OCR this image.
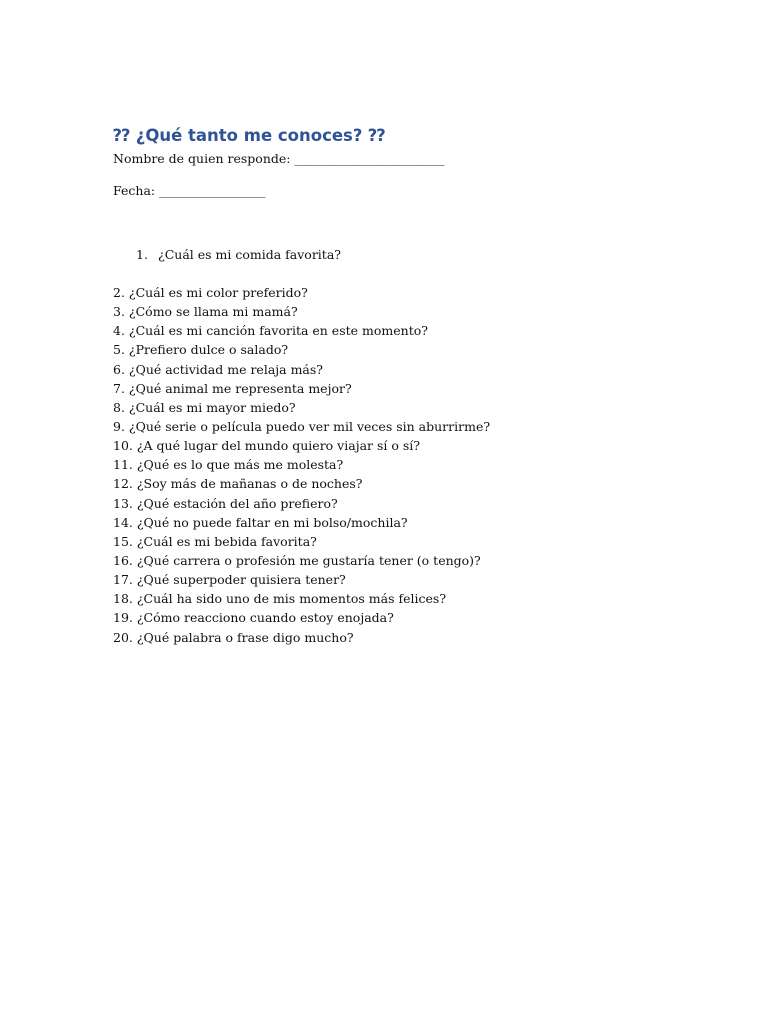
⁇ ¿Qué tanto me conoces? ⁇
Nombre de quien responde: ________________________
Fecha: _________________
1. ¿Cuál es mi comida favorita?
2. ¿Cuál es mi color preferido?
3. ¿Cómo se llama mi mamá?
4. ¿Cuál es mi canción favorita en este momento?
5. ¿Prefiero dulce o salado?
6. ¿Qué actividad me relaja más?
7. ¿Qué animal me representa mejor?
8. ¿Cuál es mi mayor miedo?
9. ¿Qué serie o película puedo ver mil veces sin aburrirme?
10. ¿A qué lugar del mundo quiero viajar sí o sí?
11. ¿Qué es lo que más me molesta?
12. ¿Soy más de mañanas o de noches?
13. ¿Qué estación del año prefiero?
14. ¿Qué no puede faltar en mi bolso/mochila?
15. ¿Cuál es mi bebida favorita?
16. ¿Qué carrera o profesión me gustaría tener (o tengo)?
17. ¿Qué superpoder quisiera tener?
18. ¿Cuál ha sido uno de mis momentos más felices?
19. ¿Cómo reacciono cuando estoy enojada?
20. ¿Qué palabra o frase digo mucho?
